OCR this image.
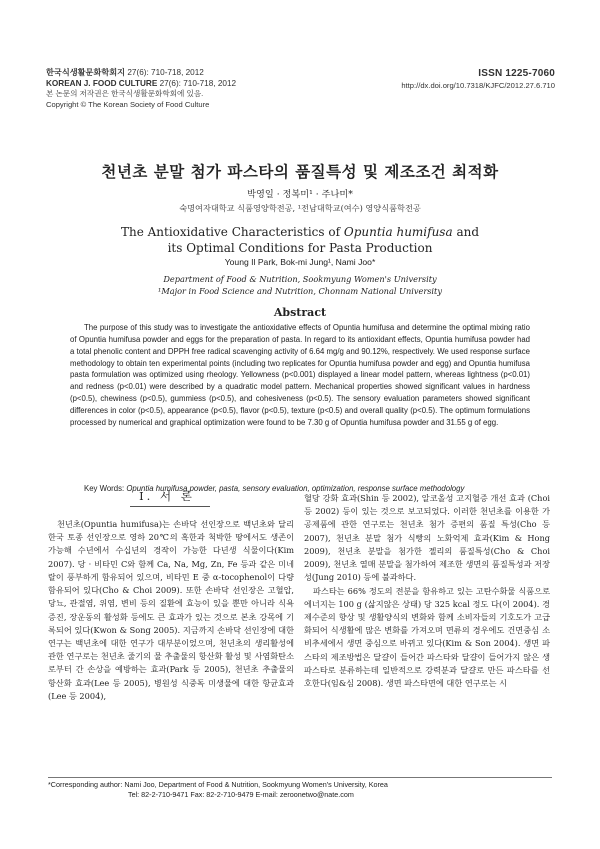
한국식생활문화학회지 27(6): 710-718, 2012
KOREAN J. FOOD CULTURE 27(6): 710-718, 2012
본 논문의 저작권은 한국식생활문화학회에 있음.
Copyright © The Korean Society of Food Culture
ISSN 1225-7060
http://dx.doi.org/10.7318/KJFC/2012.27.6.710
천년초 분말 첨가 파스타의 품질특성 및 제조조건 최적화
박영일 · 정복미¹ · 주나미*
숙명여자대학교 식품영양학전공, ¹전남대학교(여수) 영양식품학전공
The Antioxidative Characteristics of Opuntia humifusa and
its Optimal Conditions for Pasta Production
Young Il Park, Bok-mi Jung¹, Nami Joo*
Department of Food & Nutrition, Sookmyung Women's University
¹Major in Food Science and Nutrition, Chonnam National University
Abstract
The purpose of this study was to investigate the antioxidative effects of Opuntia humifusa and determine the optimal mixing ratio of Opuntia humifusa powder and eggs for the preparation of pasta. In regard to its antioxidant effects, Opuntia humifusa powder had a total phenolic content and DPPH free radical scavenging activity of 6.64 mg/g and 90.12%, respectively. We used response surface methodology to obtain ten experimental points (including two replicates for Opuntia humifusa powder and egg) and Opuntia humifusa pasta formulation was optimized using rheology. Yellowness (p<0.001) displayed a linear model pattern, whereas lightness (p<0.01) and redness (p<0.01) were described by a quadratic model pattern. Mechanical properties showed significant values in hardness (p<0.5), chewiness (p<0.5), gummiess (p<0.5), and cohesiveness (p<0.5). The sensory evaluation parameters showed significant differences in color (p<0.5), appearance (p<0.5), flavor (p<0.5), texture (p<0.5) and overall quality (p<0.5). The optimum formulations processed by numerical and graphical optimization were found to be 7.30 g of Opuntia humifusa powder and 31.55 g of egg.
Key Words: Opuntia humifusa powder, pasta, sensory evaluation, optimization, response surface methodology
Ⅰ. 서 론

천년초(Opuntia humifusa)는 손바닥 선인장으로 백년초와 달리 한국 토종 선인장으로 영하 20℃의 혹한과 척박한 땅에서도 생존이 가능해 수년에서 수십년의 경작이 가능한 다년생 식물이다(Kim 2007). 당 · 비타민 C와 함께 Ca, Na, Mg, Zn, Fe 등과 같은 미네랄이 풍부하게 함유되어 있으며, 비타민 E 중 α-tocophenol이 다량 함유되어 있다(Cho & Choi 2009). 또한 손바닥 선인장은 고혈압, 당뇨, 관절염, 위염, 변비 등의 질환에 효능이 있을 뿐만 아니라 식욕증진, 장운동의 활성화 등에도 큰 효과가 있는 것으로 본초 강목에 기록되어 있다(Kwon & Song 2005). 지금까지 손바닥 선인장에 대한 연구는 백년초에 대한 연구가 대부분이었으며, 천년초의 생리활성에 관한 연구로는 천년초 줄기의 물 추출물의 항산화 활성 및 사염화탄소로부터 간 손상을 예방하는 효과(Park 등 2005), 천년초 추출물의 항산화 효과(Lee 등 2005), 병원성 식중독 미생물에 대한 항균효과(Lee 등 2004),

혈당 강화 효과(Shin 등 2002), 알코올성 고지혈증 개선 효과 (Choi 등 2002) 등이 있는 것으로 보고되었다. 이러한 천년초를 이용한 가공제품에 관한 연구로는 천년초 첨가 증편의 품질 특성(Cho 등 2007), 천년초 분말 첨가 식빵의 노화억제 효과(Kim & Hong 2009), 천년초 분말을 첨가한 젤리의 품질특성(Cho & Choi 2009), 천년초 열매 분말을 첨가하여 제조한 생면의 품질특성과 저장성(Jung 2010) 등에 불과하다.

파스타는 66% 정도의 전분을 함유하고 있는 고탄수화물 식품으로 에너지는 100 g (삶지않은 상태) 당 325 kcal 정도 다(이 2004). 경제수준의 향상 및 생활양식의 변화와 함께 소비자들의 기호도가 고급화되어 식생활에 많은 변화를 가져오며 면류의 경우에도 건면중심 소비추세에서 생면 중심으로 바뀌고 있다(Kim & Son 2004). 생면 파스타의 제조방법은 달걀이 들어간 파스타와 달걀이 들어가지 않은 생파스타로 분류하는데 일반적으로 강력분과 달걀로 만든 파스타를 선호한다(임&심 2008). 생면 파스타면에 대한 연구로는 시

*Corresponding author: Nami Joo, Department of Food & Nutrition, Sookmyung Women's University, Korea
Tel: 82-2-710-9471 Fax: 82-2-710-9479 E-mail: zeroonetwo@nate.com
